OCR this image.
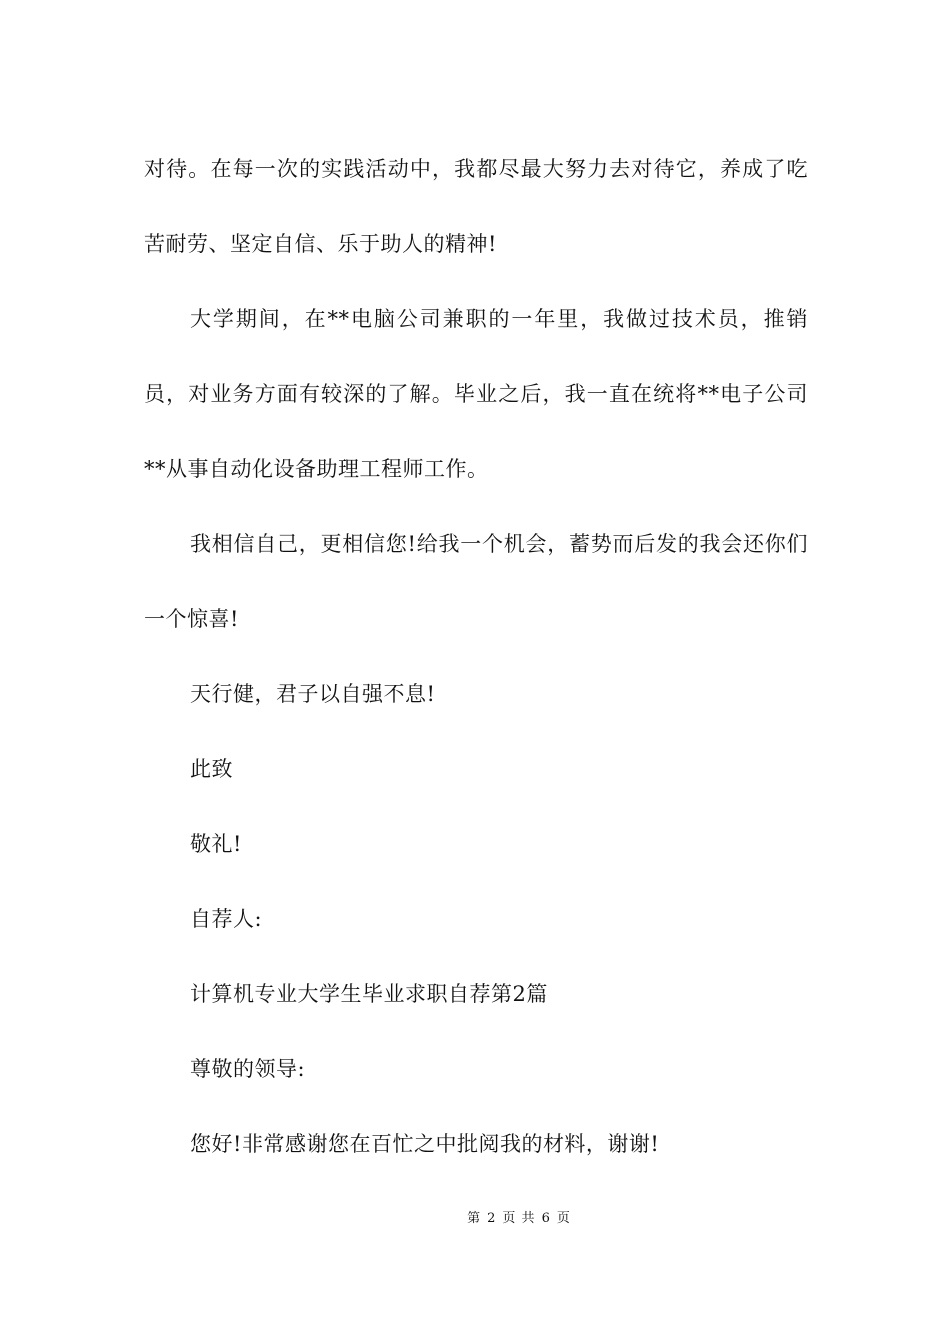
对待。在每一次的实践活动中，我都尽最大努力去对待它，养成了吃苦耐劳、坚定自信、乐于助人的精神!

大学期间，在**电脑公司兼职的一年里，我做过技术员，推销员，对业务方面有较深的了解。毕业之后，我一直在统将**电子公司**从事自动化设备助理工程师工作。

我相信自己，更相信您!给我一个机会，蓄势而后发的我会还你们一个惊喜!

天行健，君子以自强不息!

此致

敬礼!

自荐人:

计算机专业大学生毕业求职自荐第2篇

尊敬的领导:

您好!非常感谢您在百忙之中批阅我的材料，谢谢!

第 2 页 共 6 页
